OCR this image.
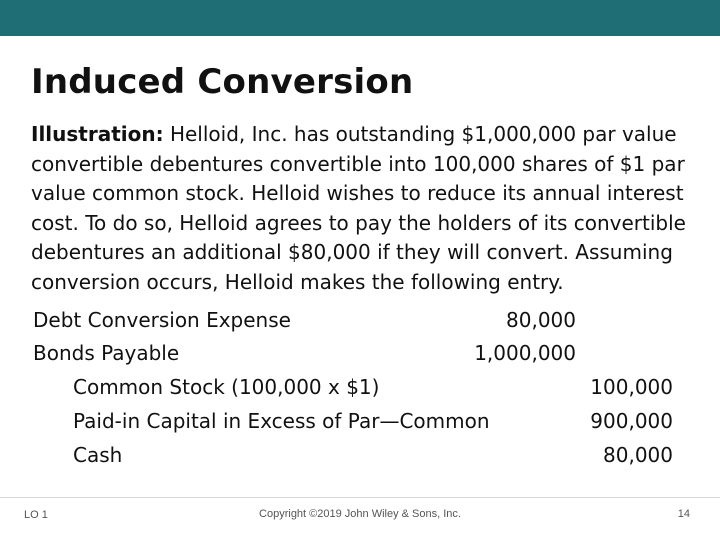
Induced Conversion

Illustration: Helloid, Inc. has outstanding $1,000,000 par value convertible debentures convertible into 100,000 shares of $1 par value common stock. Helloid wishes to reduce its annual interest cost. To do so, Helloid agrees to pay the holders of its convertible debentures an additional $80,000 if they will convert. Assuming conversion occurs, Helloid makes the following entry.

Debt Conversion Expense	80,000
Bonds Payable	1,000,000
Common Stock (100,000 x $1)	100,000
Paid-in Capital in Excess of Par—Common	900,000
Cash	80,000
LO 1	Copyright ©2019 John Wiley & Sons, Inc.	14
